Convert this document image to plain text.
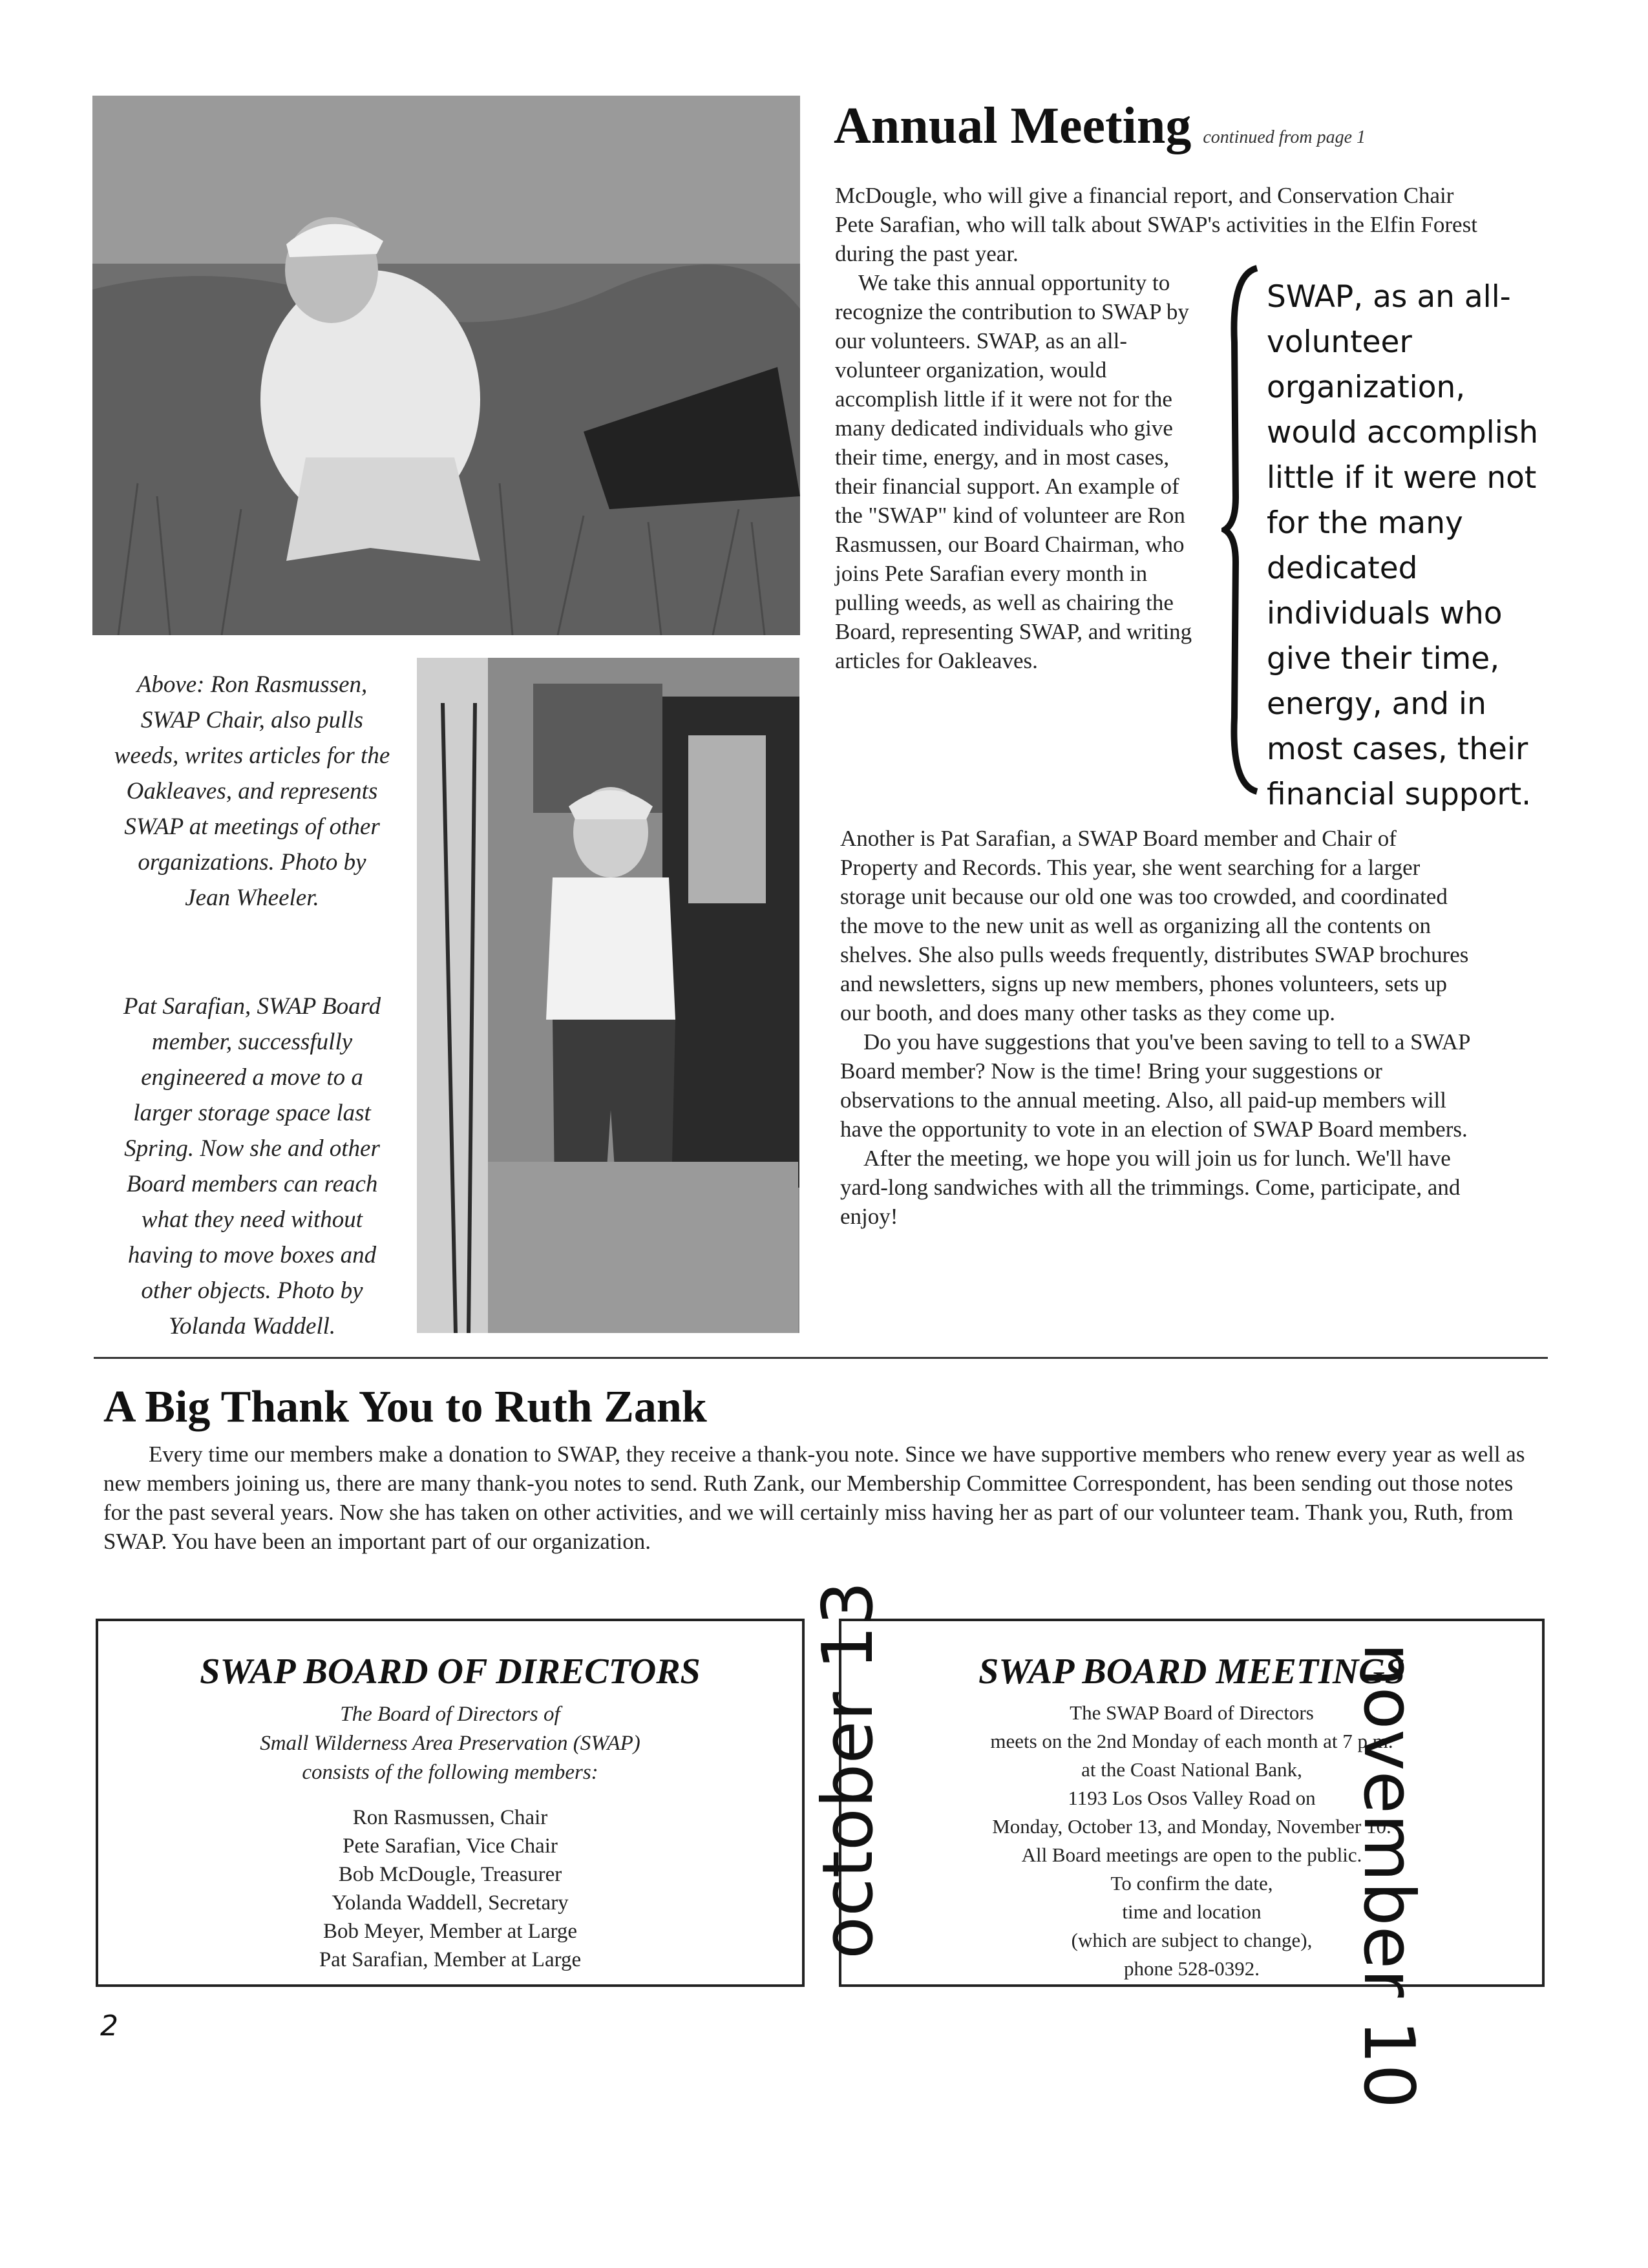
Above: Ron Rasmussen, SWAP Chair, also pulls weeds, writes articles for the Oakleaves, and represents SWAP at meetings of other organizations. Photo by Jean Wheeler.
Pat Sarafian, SWAP Board member, successfully engineered a move to a larger storage space last Spring. Now she and other Board members can reach what they need without having to move boxes and other objects. Photo by Yolanda Waddell.
Annual Meeting continued from page 1

McDougle, who will give a financial report, and Conservation Chair Pete Sarafian, who will talk about SWAP's activities in the Elfin Forest during the past year.

We take this annual opportunity to recognize the contribution to SWAP by our volunteers. SWAP, as an all-volunteer organization, would accomplish little if it were not for the many dedicated individuals who give their time, energy, and in most cases, their financial support. An example of the "SWAP" kind of volunteer are Ron Rasmussen, our Board Chairman, who joins Pete Sarafian every month in pulling weeds, as well as chairing the Board, representing SWAP, and writing articles for Oakleaves.

SWAP, as an all-volunteer organization, would accomplish little if it were not for the many dedicated individuals who give their time, energy, and in most cases, their financial support.

Another is Pat Sarafian, a SWAP Board member and Chair of Property and Records. This year, she went searching for a larger storage unit because our old one was too crowded, and coordinated the move to the new unit as well as organizing all the contents on shelves. She also pulls weeds frequently, distributes SWAP brochures and newsletters, signs up new members, phones volunteers, sets up our booth, and does many other tasks as they come up.

Do you have suggestions that you've been saving to tell to a SWAP Board member? Now is the time! Bring your suggestions or observations to the annual meeting. Also, all paid-up members will have the opportunity to vote in an election of SWAP Board members.

After the meeting, we hope you will join us for lunch. We'll have yard-long sandwiches with all the trimmings. Come, participate, and enjoy!

A Big Thank You to Ruth Zank

Every time our members make a donation to SWAP, they receive a thank-you note. Since we have supportive members who renew every year as well as new members joining us, there are many thank-you notes to send. Ruth Zank, our Membership Committee Correspondent, has been sending out those notes for the past several years. Now she has taken on other activities, and we will certainly miss having her as part of our volunteer team. Thank you, Ruth, from SWAP. You have been an important part of our organization.

SWAP BOARD OF DIRECTORS

The Board of Directors of
Small Wilderness Area Preservation (SWAP)
consists of the following members:
Ron Rasmussen, Chair
Pete Sarafian, Vice Chair
Bob McDougle, Treasurer
Yolanda Waddell, Secretary
Bob Meyer, Member at Large
Pat Sarafian, Member at Large

SWAP BOARD MEETINGS

The SWAP Board of Directors
meets on the 2nd Monday of each month at 7 p.m.
at the Coast National Bank,
1193 Los Osos Valley Road on
Monday, October 13, and Monday, November 10.
All Board meetings are open to the public.
To confirm the date,
time and location
(which are subject to change),
phone 528-0392.
october 13	november 10
2
